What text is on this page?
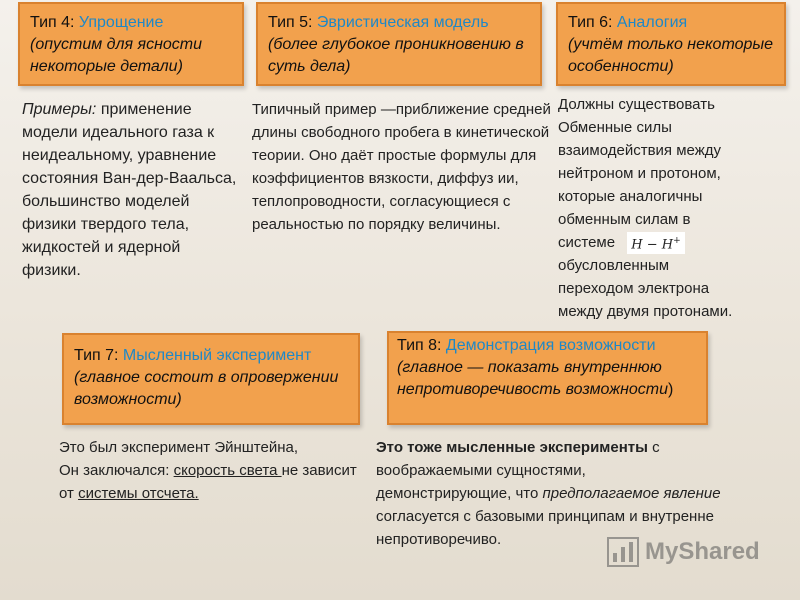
Тип 4: Упрощение
(опустим для ясности некоторые детали)
Тип 5: Эвристическая модель
(более глубокое проникновению в суть дела)
Тип 6: Аналогия
(учтём только некоторые особенности)
Примеры: применение модели идеального газа к неидеальному, уравнение состояния Ван-дер-Ваальса, большинство моделей физики твердого тела, жидкостей и ядерной физики.
Типичный пример —приближение средней длины свободного пробега в кинетической теории. Оно даёт простые формулы для коэффициентов вязкости, диффуз ии, теплопроводности, согласующиеся с реальностью по порядку величины.
Должны существовать
Обменные силы
взаимодействия между
нейтроном и протоном,
которые аналогичны
обменным силам в
системе H − H+
обусловленным
переходом электрона
между двумя протонами.
Тип 7: Мысленный эксперимент
(главное состоит в опровержении возможности)
Тип 8: Демонстрация возможности (главное — показать внутреннюю непротиворечивость возможности)
Это был эксперимент Эйнштейна,
Он заключался: скорость света не зависит от системы отсчета.
Это тоже мысленные эксперименты с воображаемыми сущностями, демонстрирующие, что предполагаемое явление согласуется с базовыми принципам и внутренне непротиворечиво.	MyShared
